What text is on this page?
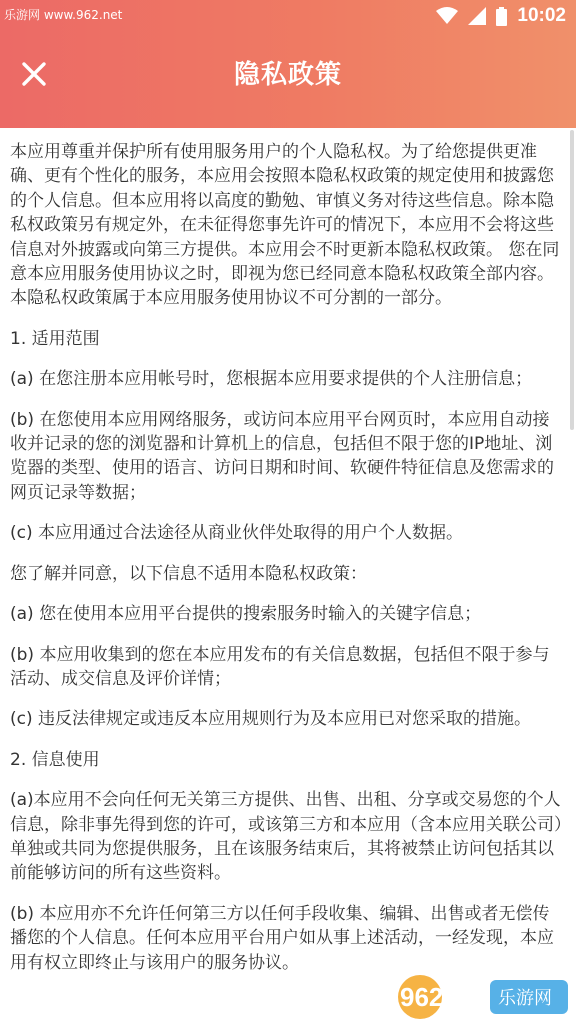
乐游网 www.962.net	10:02
隐私政策

本应用尊重并保护所有使用服务用户的个人隐私权。为了给您提供更准确、更有个性化的服务，本应用会按照本隐私权政策的规定使用和披露您的个人信息。但本应用将以高度的勤勉、审慎义务对待这些信息。除本隐私权政策另有规定外，在未征得您事先许可的情况下，本应用不会将这些信息对外披露或向第三方提供。本应用会不时更新本隐私权政策。 您在同意本应用服务使用协议之时，即视为您已经同意本隐私权政策全部内容。本隐私权政策属于本应用服务使用协议不可分割的一部分。

1. 适用范围

(a) 在您注册本应用帐号时，您根据本应用要求提供的个人注册信息；

(b) 在您使用本应用网络服务，或访问本应用平台网页时，本应用自动接收并记录的您的浏览器和计算机上的信息，包括但不限于您的IP地址、浏览器的类型、使用的语言、访问日期和时间、软硬件特征信息及您需求的网页记录等数据；

(c) 本应用通过合法途径从商业伙伴处取得的用户个人数据。

您了解并同意，以下信息不适用本隐私权政策：

(a) 您在使用本应用平台提供的搜索服务时输入的关键字信息；

(b) 本应用收集到的您在本应用发布的有关信息数据，包括但不限于参与活动、成交信息及评价详情；

(c) 违反法律规定或违反本应用规则行为及本应用已对您采取的措施。

2. 信息使用

(a)本应用不会向任何无关第三方提供、出售、出租、分享或交易您的个人信息，除非事先得到您的许可，或该第三方和本应用（含本应用关联公司）单独或共同为您提供服务，且在该服务结束后，其将被禁止访问包括其以前能够访问的所有这些资料。

(b) 本应用亦不允许任何第三方以任何手段收集、编辑、出售或者无偿传播您的个人信息。任何本应用平台用户如从事上述活动，一经发现，本应用有权立即终止与该用户的服务协议。

962	乐游网
